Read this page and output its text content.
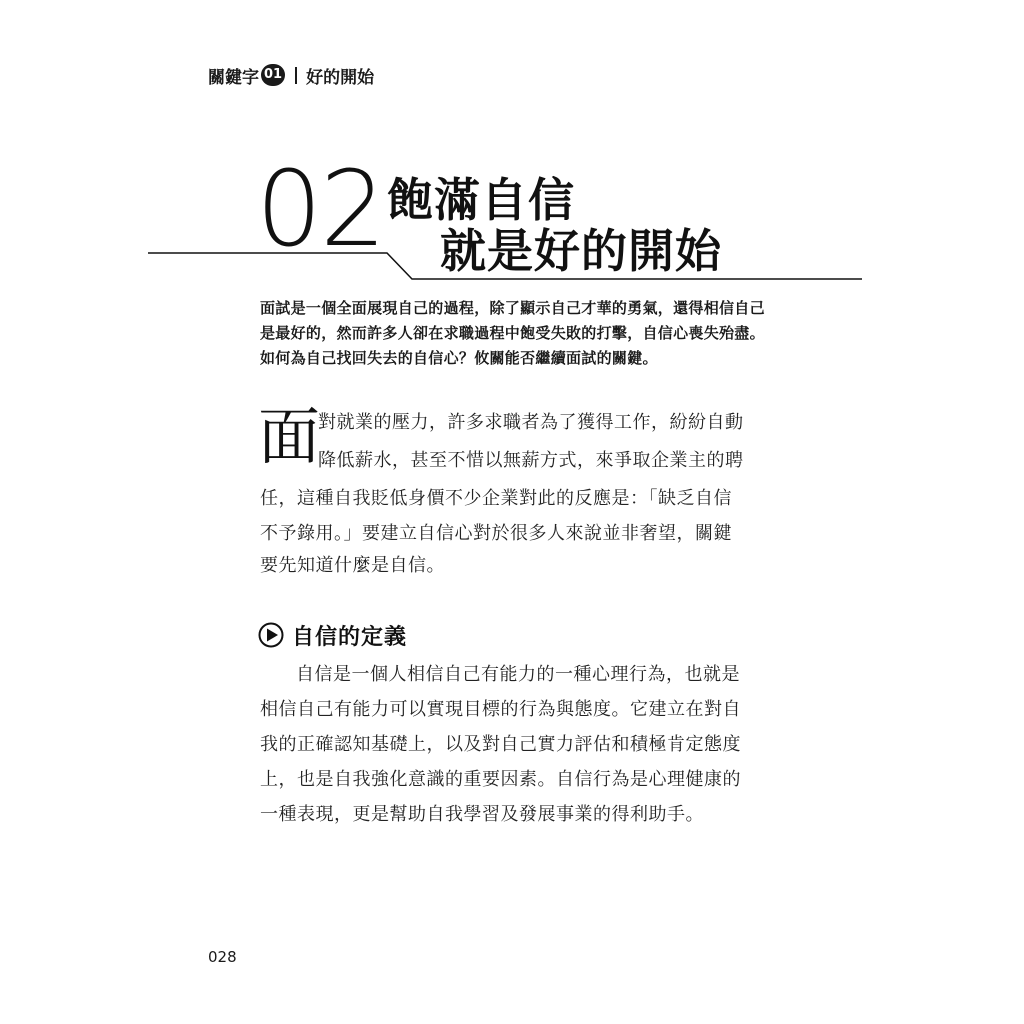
關鍵字 01 好的開始
02 飽滿自信
就是好的開始

面試是一個全面展現自己的過程，除了顯示自己才華的勇氣，還得相信自己是最好的，然而許多人卻在求職過程中飽受失敗的打擊，自信心喪失殆盡。如何為自己找回失去的自信心？攸關能否繼續面試的關鍵。

面

對就業的壓力，許多求職者為了獲得工作，紛紛自動

降低薪水，甚至不惜以無薪方式，來爭取企業主的聘

任，這種自我貶低身價不少企業對此的反應是：「缺乏自信

不予錄用。」要建立自信心對於很多人來說並非奢望，關鍵

要先知道什麼是自信。

自信的定義

自信是一個人相信自己有能力的一種心理行為，也就是

相信自己有能力可以實現目標的行為與態度。它建立在對自

我的正確認知基礎上，以及對自己實力評估和積極肯定態度

上，也是自我強化意識的重要因素。自信行為是心理健康的

一種表現，更是幫助自我學習及發展事業的得利助手。

028
